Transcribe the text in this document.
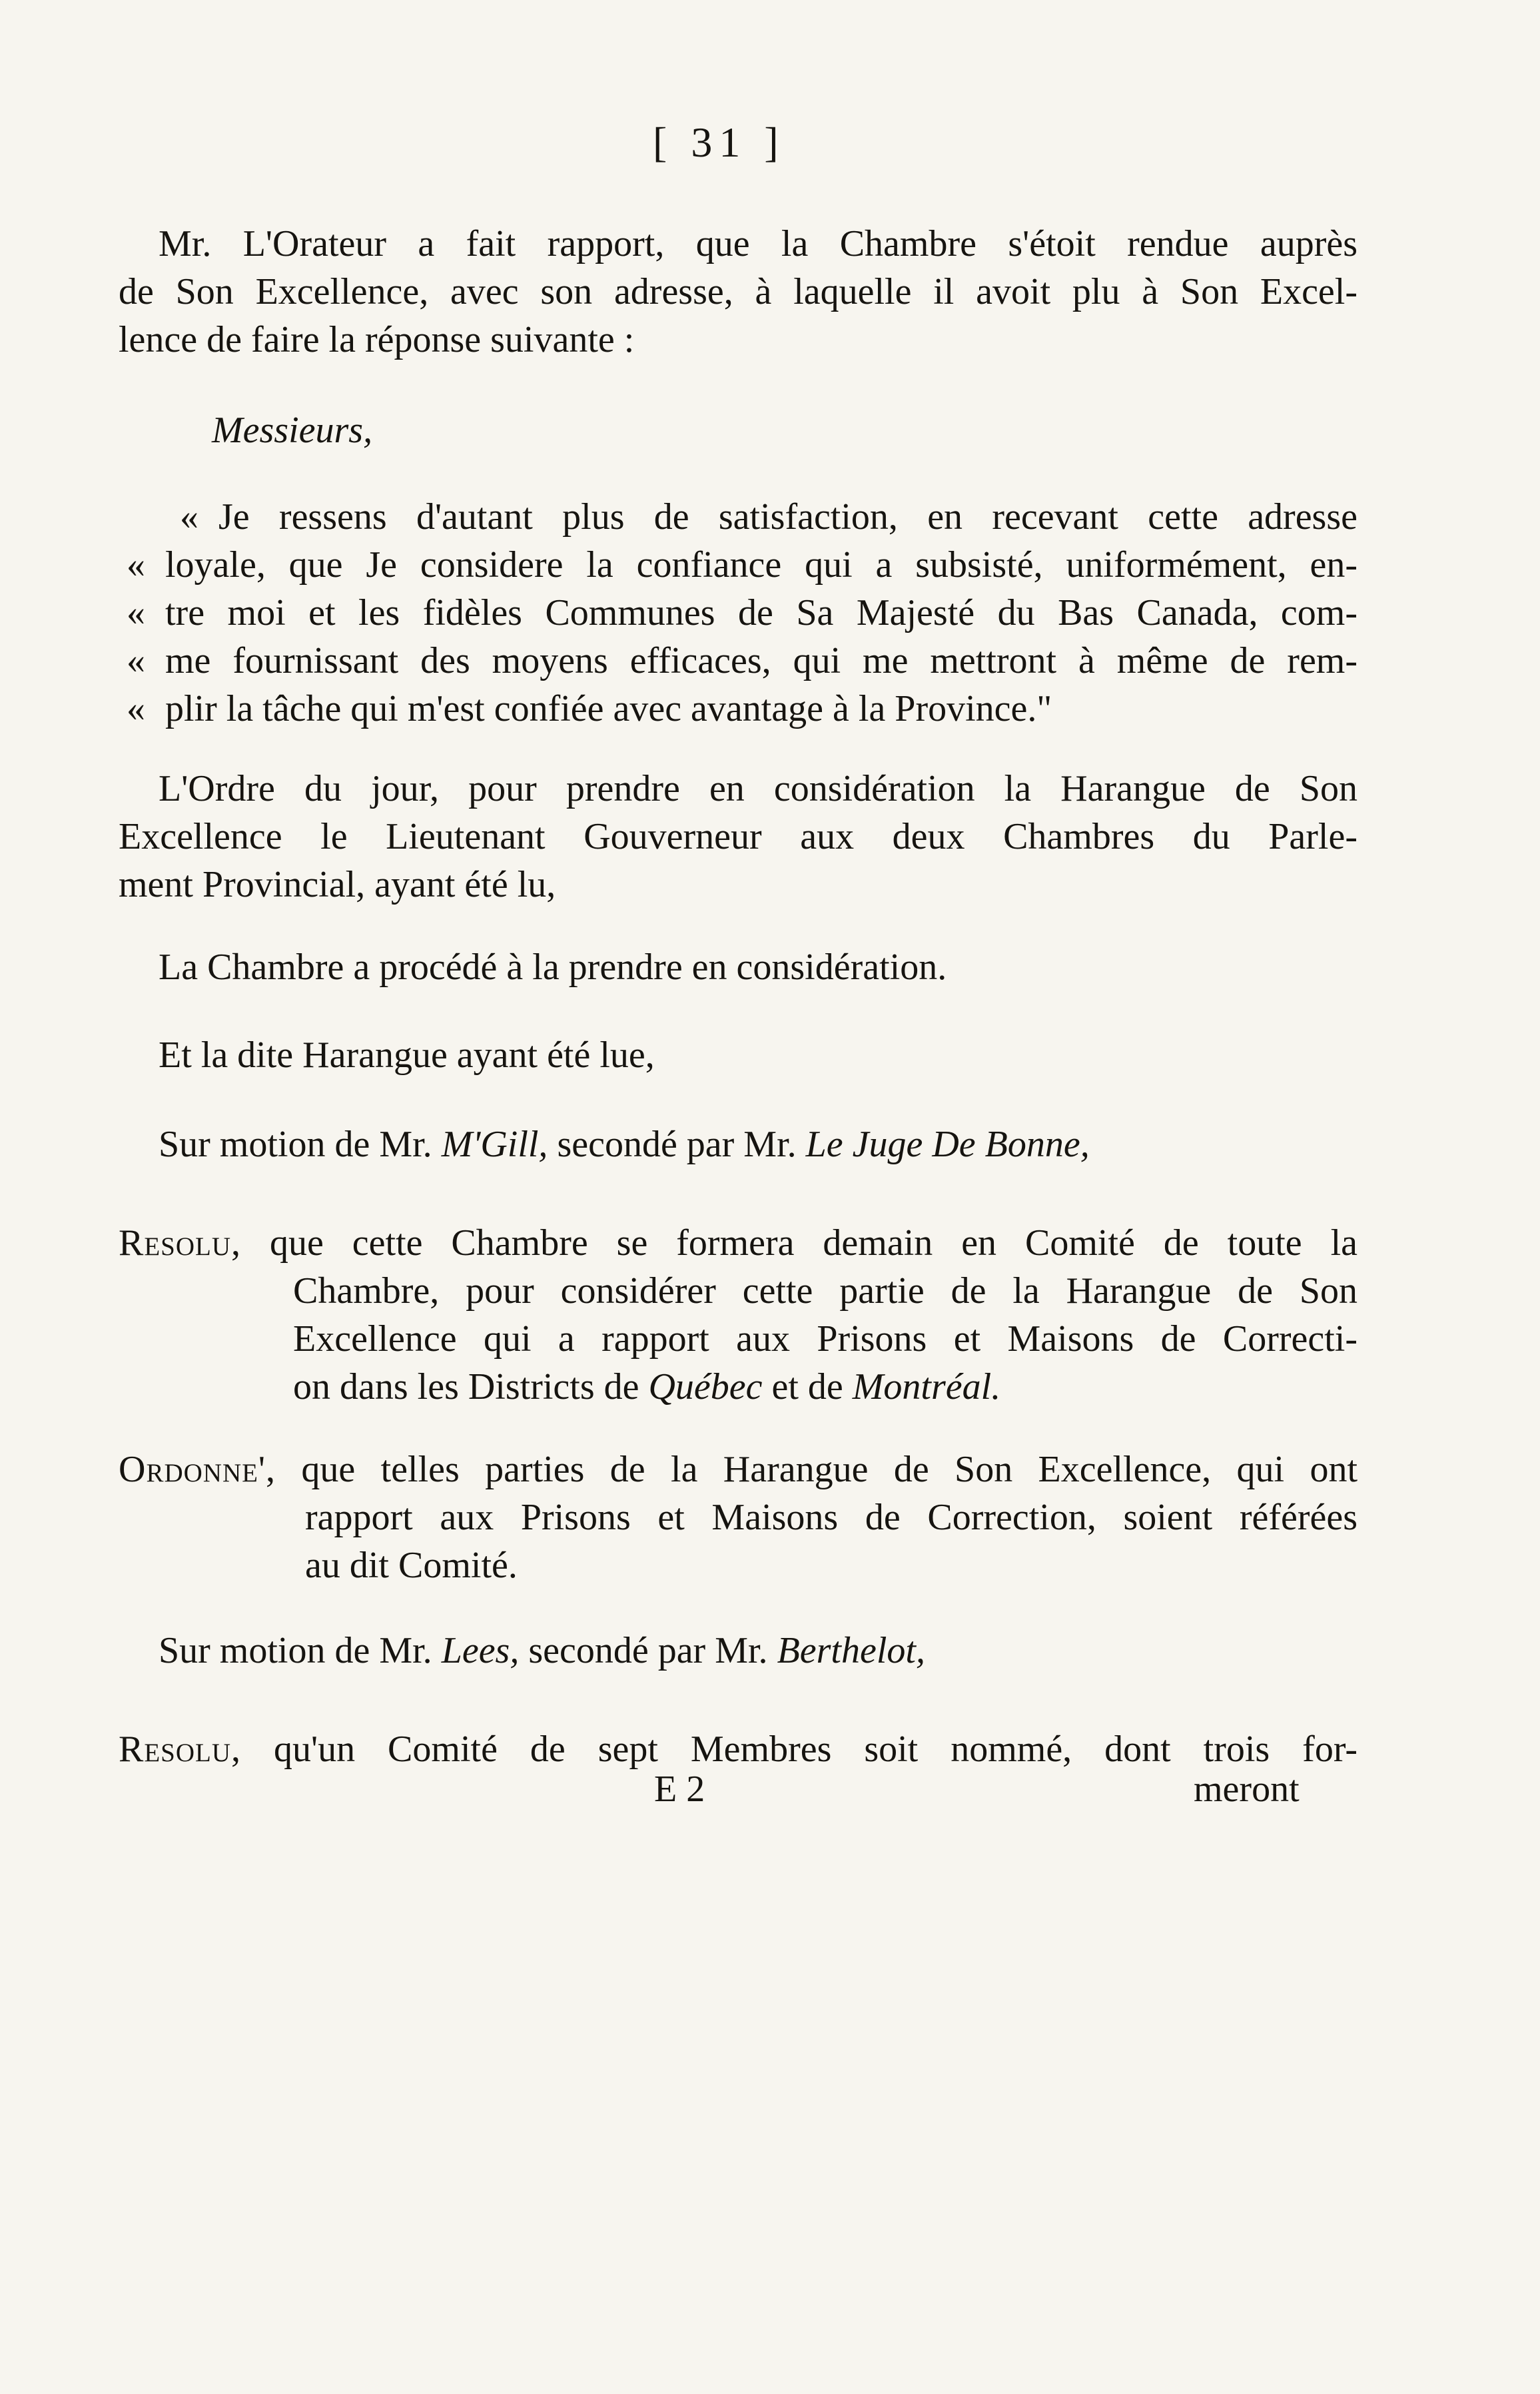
[ 31 ]
Mr. L'Orateur a fait rapport, que la Chambre s'étoit rendue auprès
de Son Excellence, avec son adresse, à laquelle il avoit plu à Son Excel-
lence de faire la réponse suivante :
Messieurs,
« Je ressens d'autant plus de satisfaction, en recevant cette adresse
« loyale, que Je considere la confiance qui a subsisté, uniformément, en-
« tre moi et les fidèles Communes de Sa Majesté du Bas Canada, com-
« me fournissant des moyens efficaces, qui me mettront à même de rem-
« plir la tâche qui m'est confiée avec avantage à la Province."
L'Ordre du jour, pour prendre en considération la Harangue de Son
Excellence le Lieutenant Gouverneur aux deux Chambres du Parle-
ment Provincial, ayant été lu,
La Chambre a procédé à la prendre en considération.
Et la dite Harangue ayant été lue,
Sur motion de Mr. M'Gill, secondé par Mr. Le Juge De Bonne,
Resolu, que cette Chambre se formera demain en Comité de toute la
Chambre, pour considérer cette partie de la Harangue de Son
Excellence qui a rapport aux Prisons et Maisons de Correcti-
on dans les Districts de Québec et de Montréal.
Ordonne', que telles parties de la Harangue de Son Excellence, qui ont
rapport aux Prisons et Maisons de Correction, soient référées
au dit Comité.
Sur motion de Mr. Lees, secondé par Mr. Berthelot,
Resolu, qu'un Comité de sept Membres soit nommé, dont trois for-
E 2	meront
